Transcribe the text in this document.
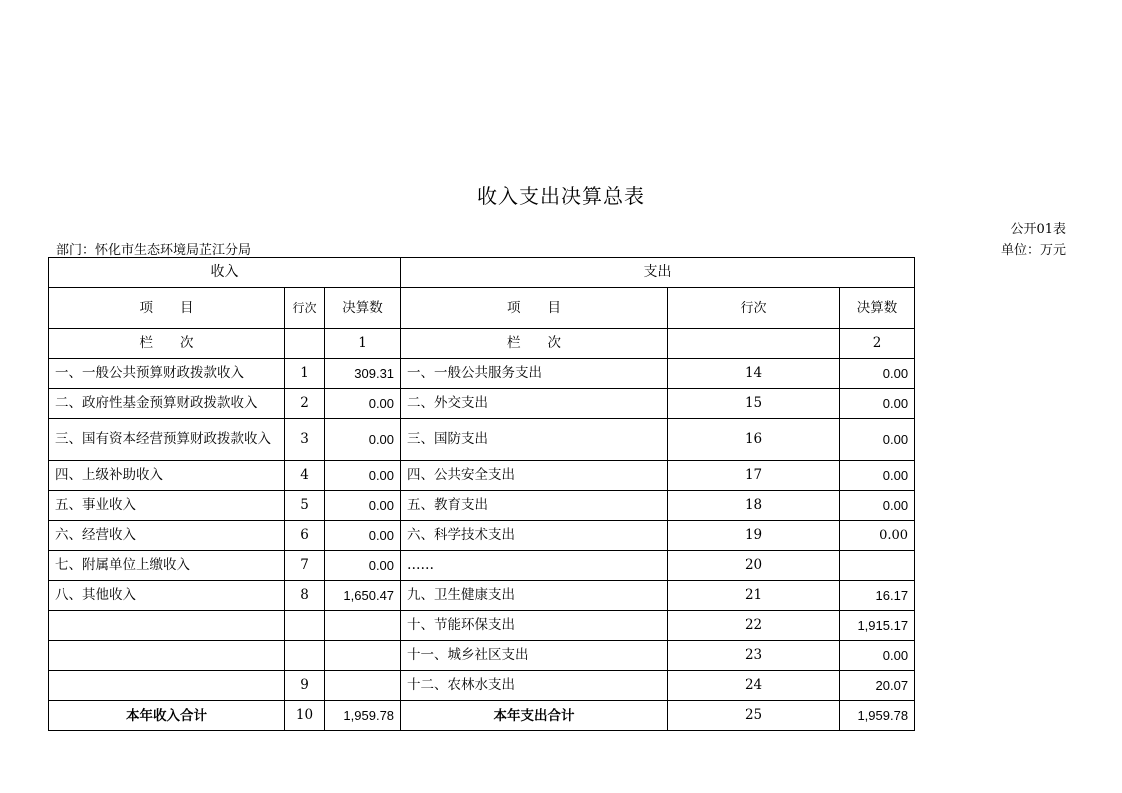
收入支出决算总表
公开01表
部门：怀化市生态环境局芷江分局	单位：万元
收入			支出		
项　　目	行次	决算数	项　　目	行次	决算数
栏　　次		1	栏　　次		2
一、一般公共预算财政拨款收入	1	309.31	一、一般公共服务支出	14	0.00
二、政府性基金预算财政拨款收入	2	0.00	二、外交支出	15	0.00
三、国有资本经营预算财政拨款收入	3	0.00	三、国防支出	16	0.00
四、上级补助收入	4	0.00	四、公共安全支出	17	0.00
五、事业收入	5	0.00	五、教育支出	18	0.00
六、经营收入	6	0.00	六、科学技术支出	19	0.00
七、附属单位上缴收入	7	0.00	……	20	
八、其他收入	8	1,650.47	九、卫生健康支出	21	16.17
			十、节能环保支出	22	1,915.17
			十一、城乡社区支出	23	0.00
	9		十二、农林水支出	24	20.07
本年收入合计	10	1,959.78	本年支出合计	25	1,959.78
